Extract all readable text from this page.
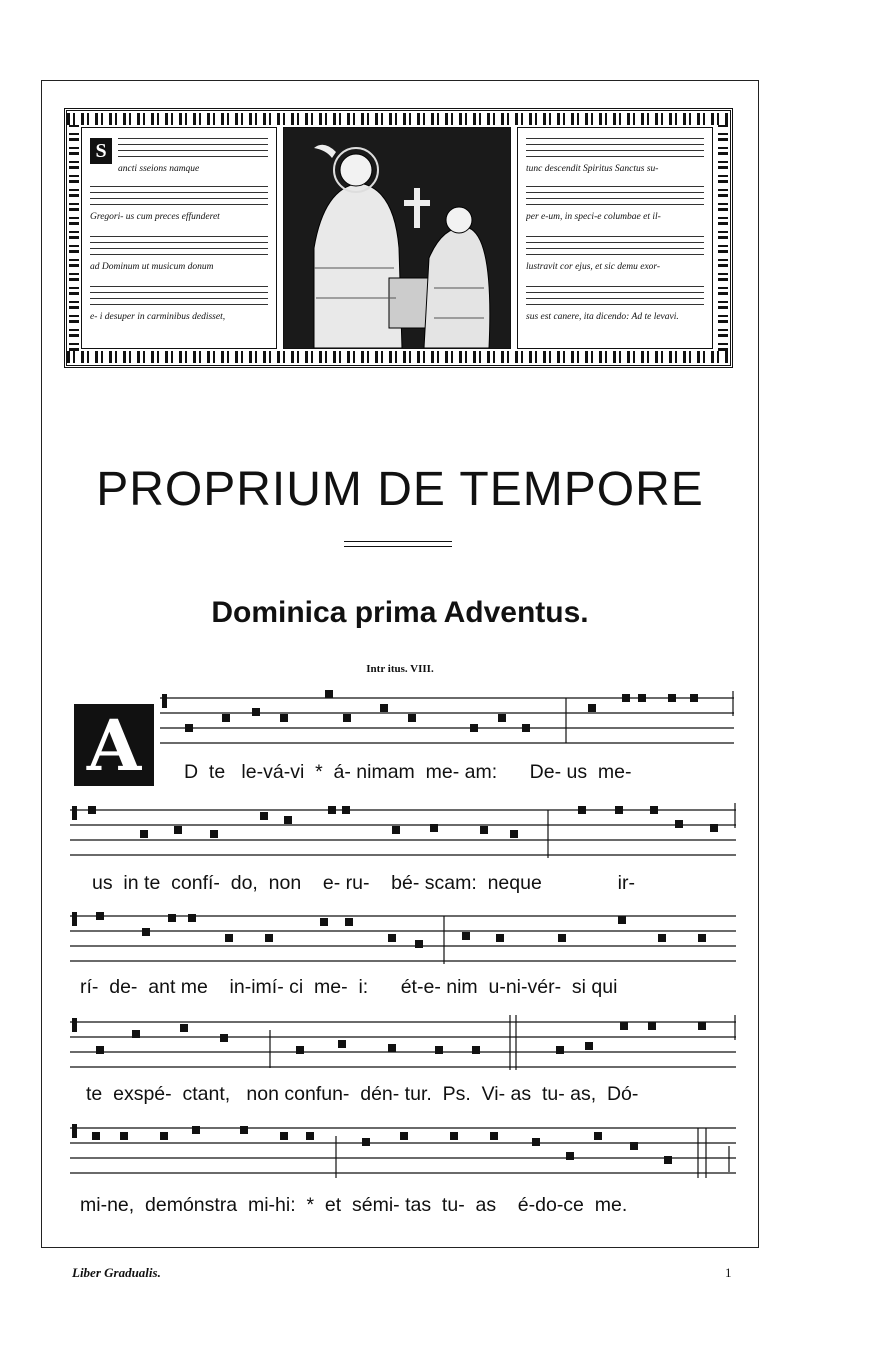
S
ancti sseions namque
Gregori- us cum preces effunderet
ad Dominum ut musicum donum
e- i desuper in carminibus dedisset,
tunc descendit Spiritus Sanctus su-
per e-um, in speci-e columbae et il-
lustravit cor ejus, et sic demu exor-
sus est canere, ita dicendo: Ad te levavi.
PROPRIUM DE TEMPORE
Dominica prima Adventus.
Intr itus. VIII.
A	D  te   le-vá-vi  *  á- nimam  me- am:      De- us  me-
us  in te  confí-  do,  non    e- ru-    bé- scam:  neque              ir-
rí-  de-  ant me    in-imí- ci  me-  i:      ét-e- nim  u-ni-vér-  si qui
te  exspé-  ctant,   non confun-  dén- tur.  Ps.  Vi- as  tu- as,  Dó-
mi-ne,  demónstra  mi-hi:  *  et  sémi- tas  tu-  as    é-do-ce  me.
Liber Gradualis.	1
